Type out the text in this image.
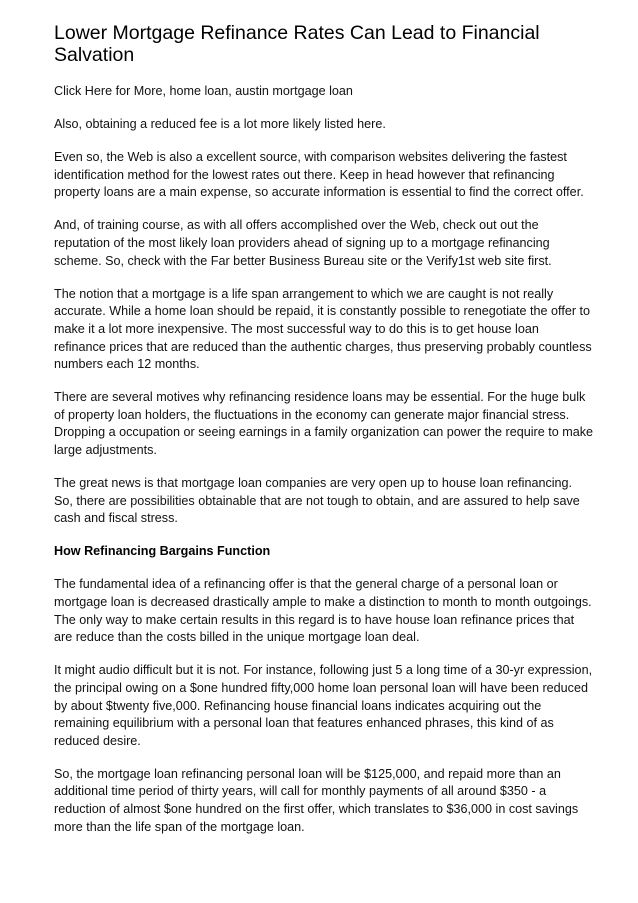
Lower Mortgage Refinance Rates Can Lead to Financial Salvation

Click Here for More, home loan, austin mortgage loan

Also, obtaining a reduced fee is a lot more likely listed here.

Even so, the Web is also a excellent source, with comparison websites delivering the fastest identification method for the lowest rates out there. Keep in head however that refinancing property loans are a main expense, so accurate information is essential to find the correct offer.

And, of training course, as with all offers accomplished over the Web, check out out the reputation of the most likely loan providers ahead of signing up to a mortgage refinancing scheme. So, check with the Far better Business Bureau site or the Verify1st web site first.

The notion that a mortgage is a life span arrangement to which we are caught is not really accurate. While a home loan should be repaid, it is constantly possible to renegotiate the offer to make it a lot more inexpensive. The most successful way to do this is to get house loan refinance prices that are reduced than the authentic charges, thus preserving probably countless numbers each 12 months.

There are several motives why refinancing residence loans may be essential. For the huge bulk of property loan holders, the fluctuations in the economy can generate major financial stress. Dropping a occupation or seeing earnings in a family organization can power the require to make large adjustments.

The great news is that mortgage loan companies are very open up to house loan refinancing. So, there are possibilities obtainable that are not tough to obtain, and are assured to help save cash and fiscal stress.

How Refinancing Bargains Function

The fundamental idea of a refinancing offer is that the general charge of a personal loan or mortgage loan is decreased drastically ample to make a distinction to month to month outgoings. The only way to make certain results in this regard is to have house loan refinance prices that are reduce than the costs billed in the unique mortgage loan deal.

It might audio difficult but it is not. For instance, following just 5 a long time of a 30-yr expression, the principal owing on a $one hundred fifty,000 home loan personal loan will have been reduced by about $twenty five,000. Refinancing house financial loans indicates acquiring out the remaining equilibrium with a personal loan that features enhanced phrases, this kind of as reduced desire.

So, the mortgage loan refinancing personal loan will be $125,000, and repaid more than an additional time period of thirty years, will call for monthly payments of all around $350 - a reduction of almost $one hundred on the first offer, which translates to $36,000 in cost savings more than the life span of the mortgage loan.
